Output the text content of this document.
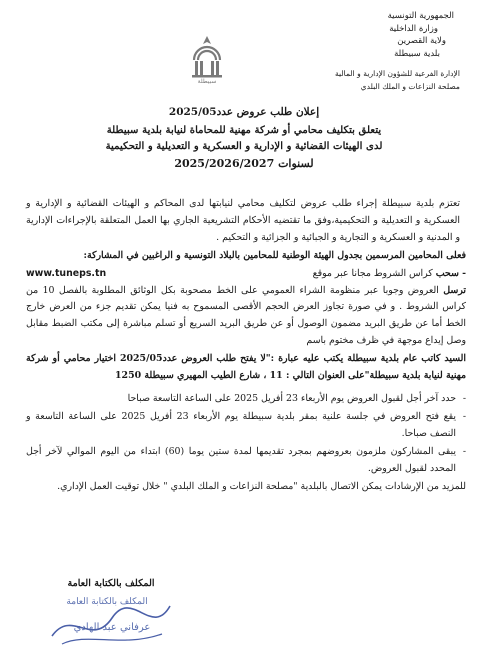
الجمهورية التونسية
وزارة الداخلية
ولاية القصرين
بلدية سبيطلة
الإدارة الفرعية للشؤون الإدارية و المالية
مصلحة النزاعات و الملك البلدي
سبيطلة
إعلان طلب عروض عدد2025/05
يتعلق بتكليف محامي أو شركة مهنية للمحاماة لنيابة بلدية سبيطلة
لدى الهيئات القضائية و الإدارية و العسكرية و التعديلية و التحكيمية
لسنوات 2025/2026/2027

تعتزم بلدية سبيطلة إجراء طلب عروض لتكليف محامي لنيابتها لدى المحاكم و الهيئات القضائية و الإدارية و العسكرية و التعديلية و التحكيمية،وفق ما تقتضيه الأحكام التشريعية الجاري بها العمل المتعلقة بالإجراءات الإدارية و المدنية و العسكرية و التجارية و الجبائية و الجزائية و التحكيم .

فعلى المحامين المرسمين بجدول الهيئة الوطنية للمحامين بالبلاد التونسية و الراغبين في المشاركة:

- سحب كراس الشروط مجانا عبر موقع
www.tuneps.tn

ترسل العروض وجوبا عبر منظومة الشراء العمومي على الخط مصحوبة بكل الوثائق المطلوبة بالفصل 10 من كراس الشروط . و في صورة تجاوز العرض الحجم الأقصى المسموح به فنيا يمكن تقديم جزء من العرض خارج الخط أما عن طريق البريد مضمون الوصول أو عن طريق البريد السريع أو تسلم مباشرة إلى مكتب الضبط مقابل وصل إيداع موجهة في ظرف مختوم باسم

السيد كاتب عام بلدية سبيطلة يكتب عليه عبارة :"لا يفتح طلب العروض عدد2025/05 اختيار محامي أو شركة مهنية لنيابة بلدية سبيطلة"على العنوان التالي : 11 ، شارع الطيب المهيري سبيطلة 1250

- حدد آخر أجل لقبول العروض يوم الأربعاء 23 أفريل 2025 على الساعة التاسعة صباحا

- يقع فتح العروض في جلسة علنية بمقر بلدية سبيطلة يوم الأربعاء 23 أفريل 2025 على الساعة التاسعة و النصف صباحا.

- يبقى المشاركون ملزمون بعروضهم بمجرد تقديمها لمدة ستين يوما (60) ابتداء من اليوم الموالي لآخر أجل المحدد لقبول العروض.

للمزيد من الإرشادات يمكن الاتصال بالبلدية "مصلحة النزاعات و الملك البلدي " خلال توقيت العمل الإداري.

المكلف بالكتابة العامة
المكلف بالكتابة العامة
عرفاني عبد الهادي
